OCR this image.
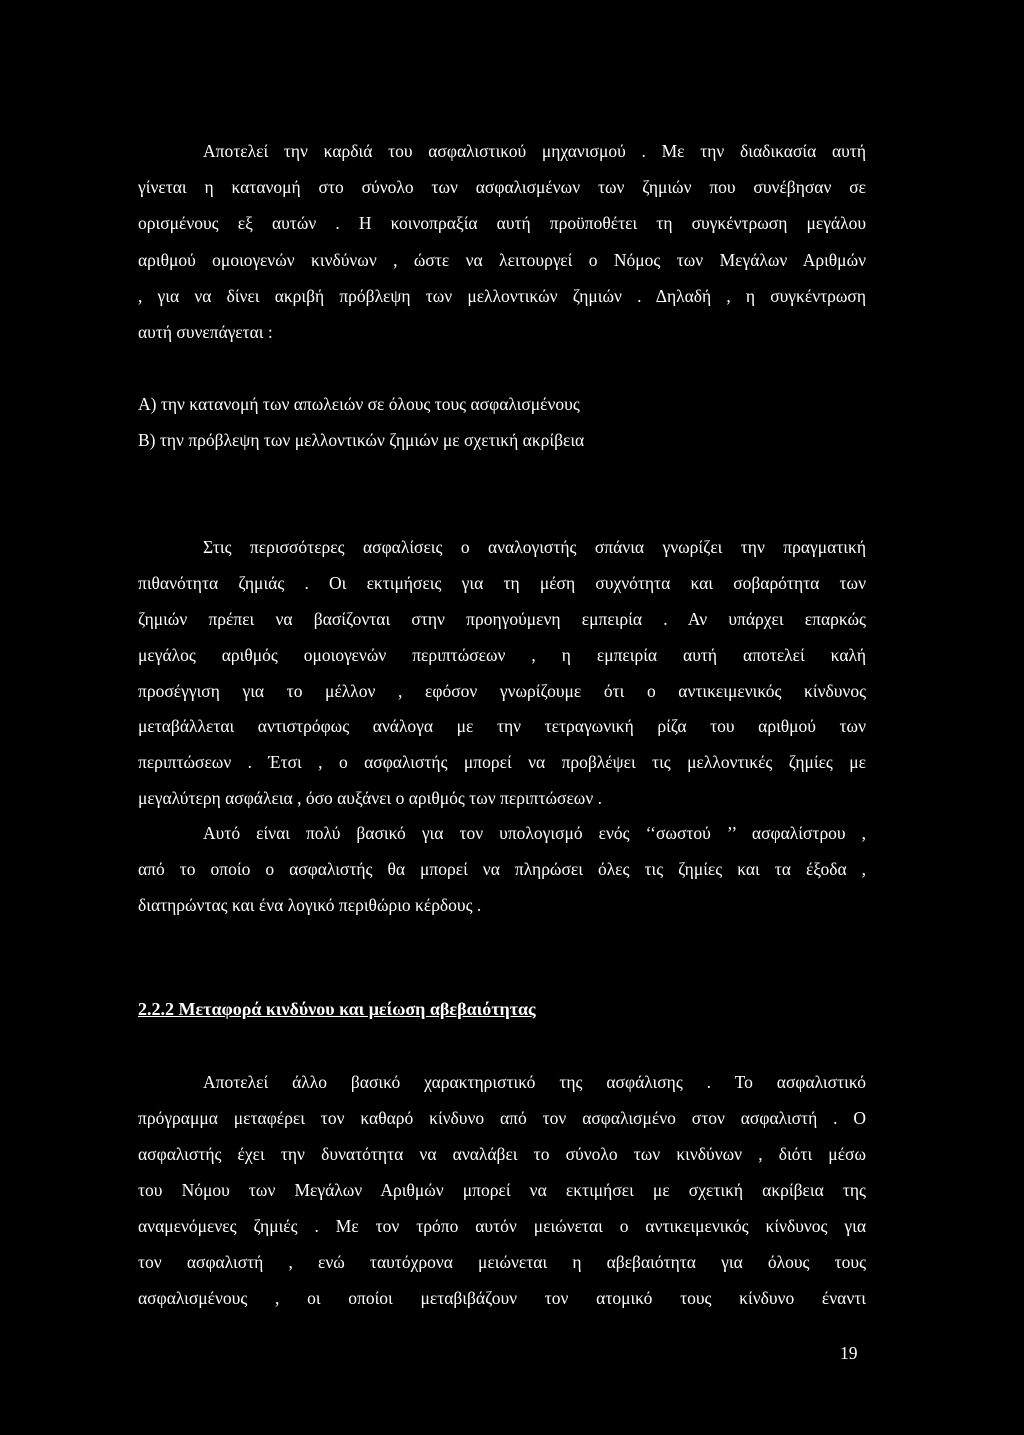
Αποτελεί την καρδιά του ασφαλιστικού μηχανισμού . Με την διαδικασία αυτή
γίνεται η κατανομή στο σύνολο των ασφαλισμένων των ζημιών που συνέβησαν σε
ορισμένους εξ αυτών . Η κοινοπραξία αυτή προϋποθέτει τη συγκέντρωση μεγάλου
αριθμού ομοιογενών κινδύνων , ώστε να λειτουργεί ο Νόμος των Μεγάλων Αριθμών
, για να δίνει ακριβή πρόβλεψη των μελλοντικών ζημιών . Δηλαδή , η συγκέντρωση
αυτή συνεπάγεται :
Α) την κατανομή των απωλειών σε όλους τους ασφαλισμένους
Β) την πρόβλεψη των μελλοντικών ζημιών με σχετική ακρίβεια
Στις περισσότερες ασφαλίσεις ο αναλογιστής σπάνια γνωρίζει την πραγματική
πιθανότητα ζημιάς . Οι εκτιμήσεις για τη μέση συχνότητα και σοβαρότητα των
ζημιών πρέπει να βασίζονται στην προηγούμενη εμπειρία . Αν υπάρχει επαρκώς
μεγάλος αριθμός ομοιογενών περιπτώσεων , η εμπειρία αυτή αποτελεί καλή
προσέγγιση για το μέλλον , εφόσον γνωρίζουμε ότι ο αντικειμενικός κίνδυνος
μεταβάλλεται αντιστρόφως ανάλογα με την τετραγωνική ρίζα του αριθμού των
περιπτώσεων . Έτσι , ο ασφαλιστής μπορεί να προβλέψει τις μελλοντικές ζημίες με
μεγαλύτερη ασφάλεια , όσο αυξάνει ο αριθμός των περιπτώσεων .
Αυτό είναι πολύ βασικό για τον υπολογισμό ενός ‘‘σωστού ’’ ασφαλίστρου ,
από το οποίο ο ασφαλιστής θα μπορεί να πληρώσει όλες τις ζημίες και τα έξοδα ,
διατηρώντας και ένα λογικό περιθώριο κέρδους .
2.2.2 Μεταφορά κινδύνου και μείωση αβεβαιότητας
Αποτελεί άλλο βασικό χαρακτηριστικό της ασφάλισης . Το ασφαλιστικό
πρόγραμμα μεταφέρει τον καθαρό κίνδυνο από τον ασφαλισμένο στον ασφαλιστή . Ο
ασφαλιστής έχει την δυνατότητα να αναλάβει το σύνολο των κινδύνων , διότι μέσω
του Νόμου των Μεγάλων Αριθμών μπορεί να εκτιμήσει με σχετική ακρίβεια της
αναμενόμενες ζημιές . Με τον τρόπο αυτόν μειώνεται ο αντικειμενικός κίνδυνος για
τον ασφαλιστή , ενώ ταυτόχρονα μειώνεται η αβεβαιότητα για όλους τους
ασφαλισμένους , οι οποίοι μεταβιβάζουν τον ατομικό τους κίνδυνο έναντι
19
